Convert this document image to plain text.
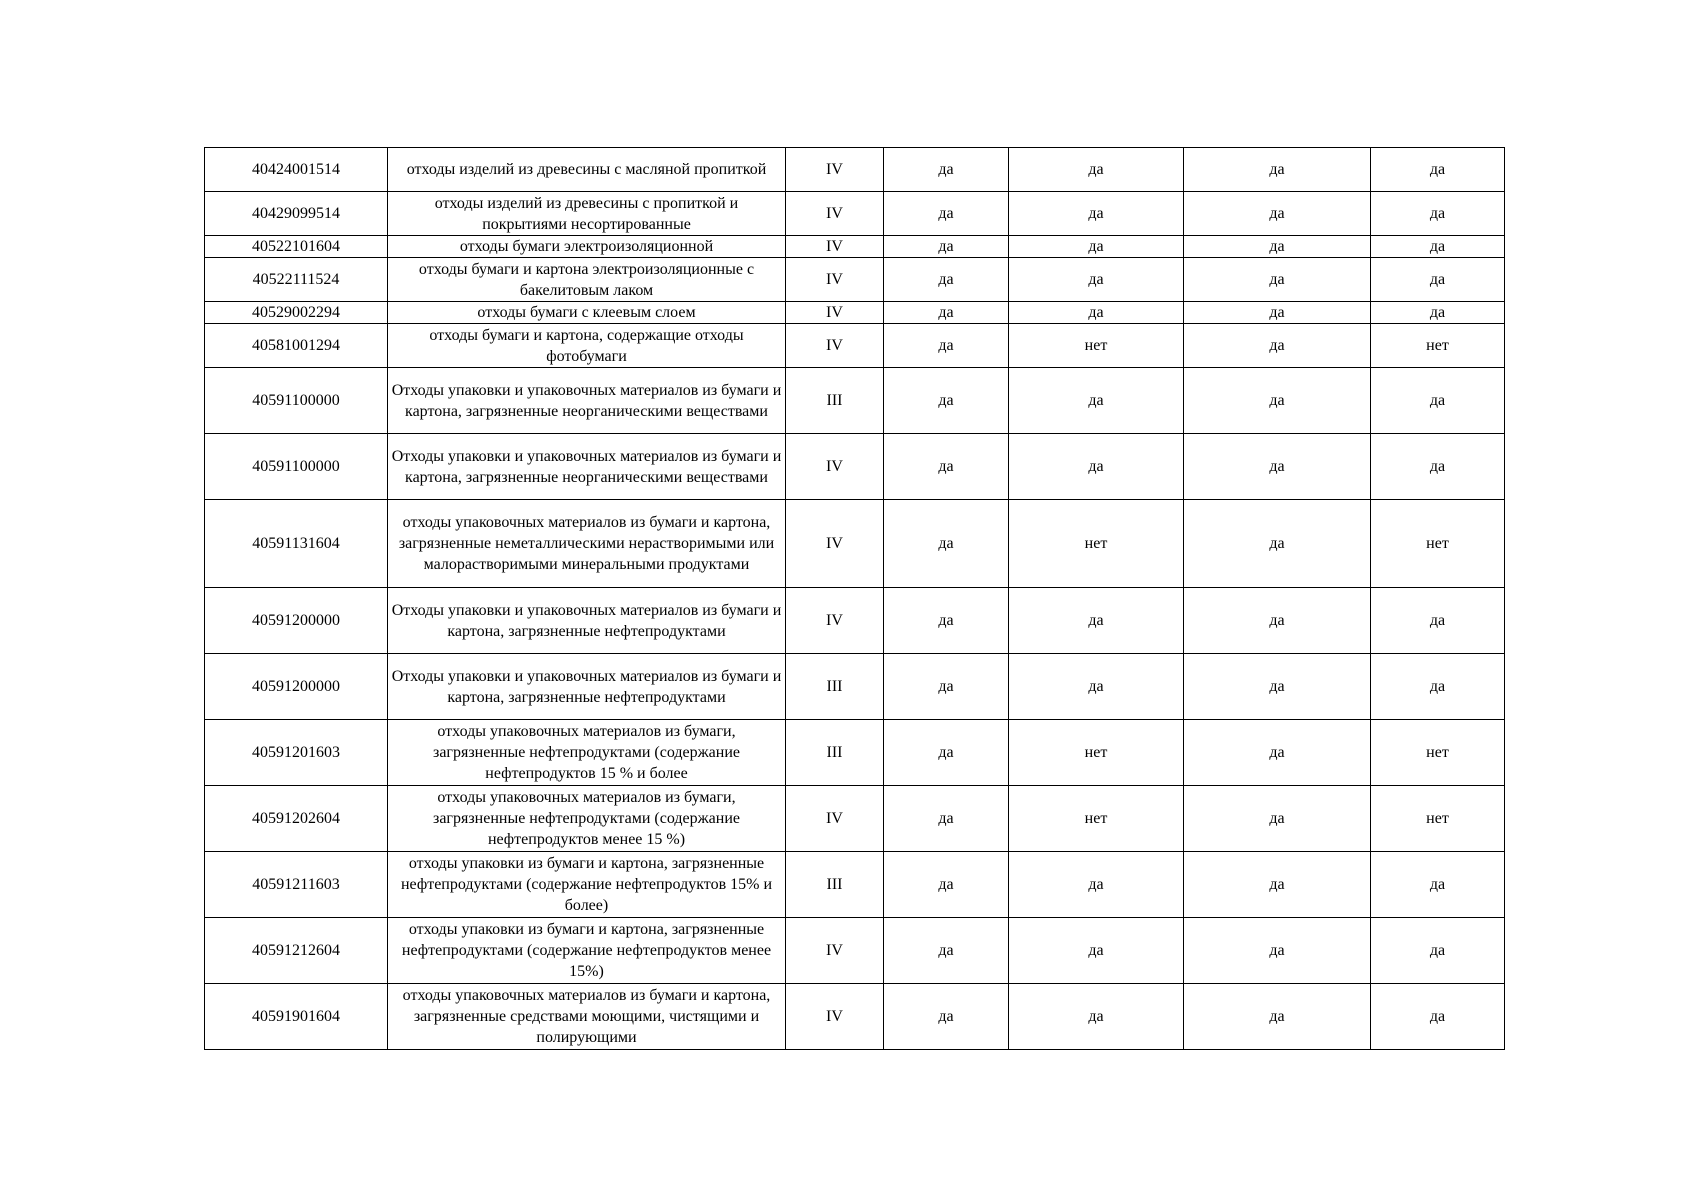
40424001514	отходы изделий из древесины с масляной пропиткой	IV	да	да	да	да
40429099514	отходы изделий из древесины с пропиткой и покрытиями несортированные	IV	да	да	да	да
40522101604	отходы бумаги электроизоляционной	IV	да	да	да	да
40522111524	отходы бумаги и картона электроизоляционные с бакелитовым лаком	IV	да	да	да	да
40529002294	отходы бумаги с клеевым слоем	IV	да	да	да	да
40581001294	отходы бумаги и картона, содержащие отходы фотобумаги	IV	да	нет	да	нет
40591100000	Отходы упаковки и упаковочных материалов из бумаги и картона, загрязненные неорганическими веществами	III	да	да	да	да
40591100000	Отходы упаковки и упаковочных материалов из бумаги и картона, загрязненные неорганическими веществами	IV	да	да	да	да
40591131604	отходы упаковочных материалов из бумаги и картона, загрязненные неметаллическими нерастворимыми или малорастворимыми минеральными продуктами	IV	да	нет	да	нет
40591200000	Отходы упаковки и упаковочных материалов из бумаги и картона, загрязненные нефтепродуктами	IV	да	да	да	да
40591200000	Отходы упаковки и упаковочных материалов из бумаги и картона, загрязненные нефтепродуктами	III	да	да	да	да
40591201603	отходы упаковочных материалов из бумаги, загрязненные нефтепродуктами (содержание нефтепродуктов 15 % и более	III	да	нет	да	нет
40591202604	отходы упаковочных материалов из бумаги, загрязненные нефтепродуктами (содержание нефтепродуктов менее 15 %)	IV	да	нет	да	нет
40591211603	отходы упаковки из бумаги и картона, загрязненные нефтепродуктами (содержание нефтепродуктов 15% и более)	III	да	да	да	да
40591212604	отходы упаковки из бумаги и картона, загрязненные нефтепродуктами (содержание нефтепродуктов менее 15%)	IV	да	да	да	да
40591901604	отходы упаковочных материалов из бумаги и картона, загрязненные средствами моющими, чистящими и полирующими	IV	да	да	да	да
